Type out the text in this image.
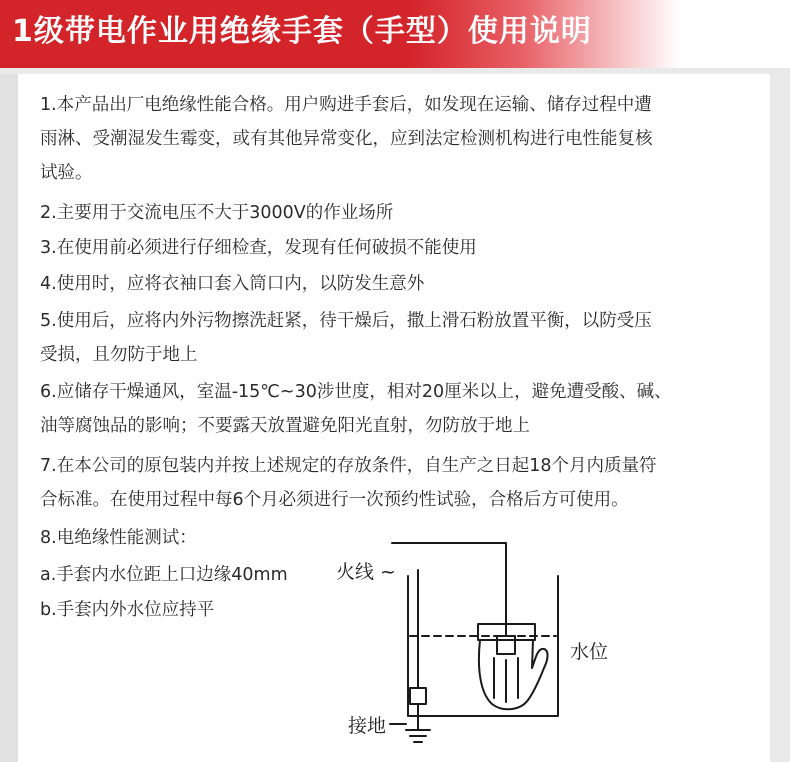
1级带电作业用绝缘手套（手型）使用说明

1.本产品出厂电绝缘性能合格。用户购进手套后，如发现在运输、储存过程中遭
雨淋、受潮湿发生霉变，或有其他异常变化，应到法定检测机构进行电性能复核
试验。

2.主要用于交流电压不大于3000V的作业场所

3.在使用前必须进行仔细检查，发现有任何破损不能使用

4.使用时，应将衣袖口套入筒口内，以防发生意外

5.使用后，应将内外污物擦洗赶紧，待干燥后，撒上滑石粉放置平衡，以防受压
受损，且勿防于地上

6.应储存干燥通风，室温-15℃~30涉世度，相对20厘米以上，避免遭受酸、碱、
油等腐蚀品的影响；不要露天放置避免阳光直射，勿防放于地上

7.在本公司的原包装内并按上述规定的存放条件，自生产之日起18个月内质量符
合标准。在使用过程中每6个月必须进行一次预约性试验，合格后方可使用。

8.电绝缘性能测试：

a.手套内水位距上口边缘40mm

b.手套内外水位应持平

火线 ~
水位
接地
